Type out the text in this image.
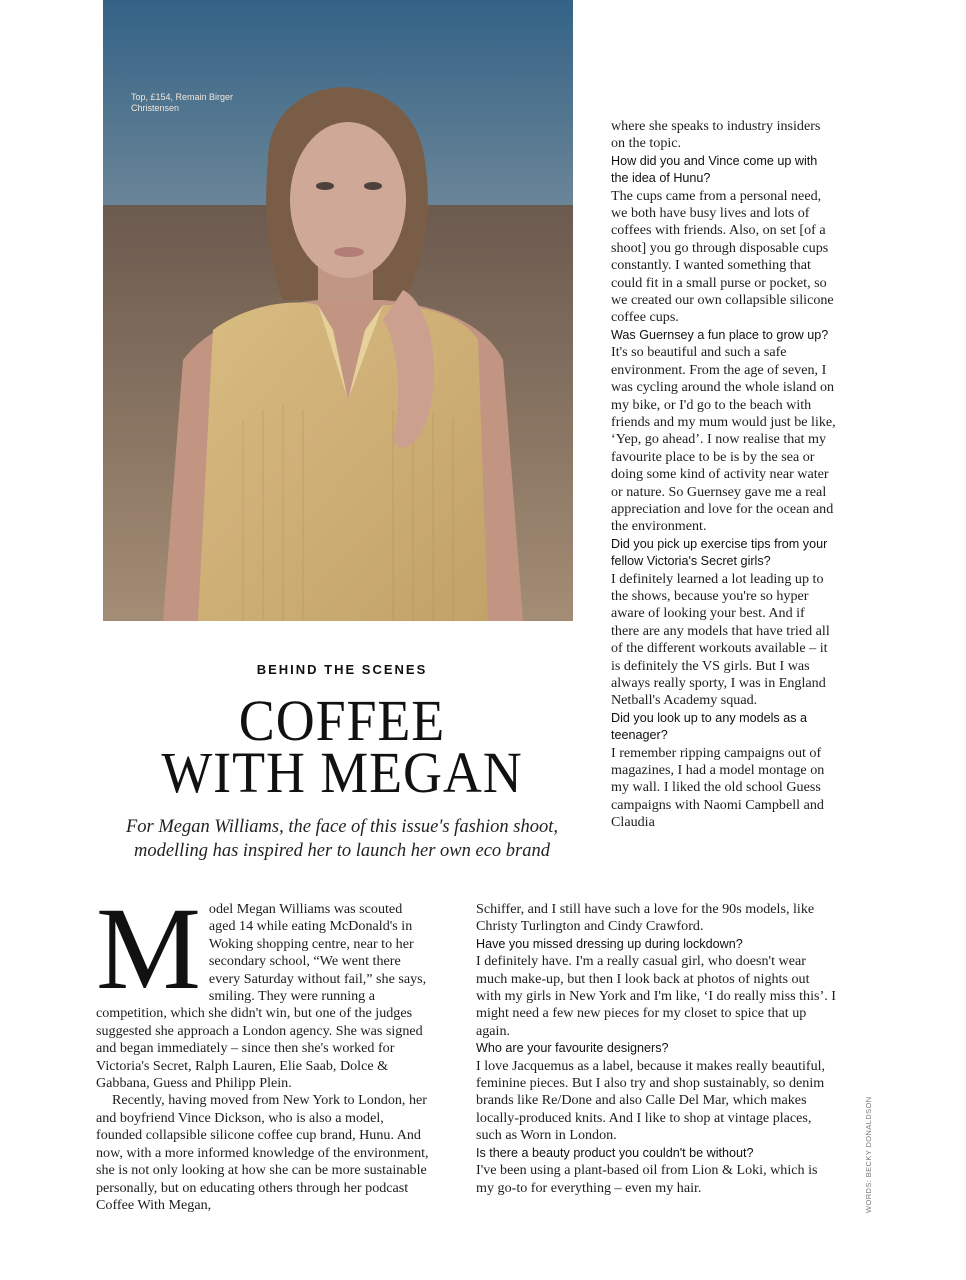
Top, £154, Remain Birger Christensen
BEHIND THE SCENES
COFFEE
WITH MEGAN
For Megan Williams, the face of this issue's fashion shoot, modelling has inspired her to launch her own eco brand

where she speaks to industry insiders on the topic.

How did you and Vince come up with the idea of Hunu?

The cups came from a personal need, we both have busy lives and lots of coffees with friends. Also, on set [of a shoot] you go through disposable cups constantly. I wanted something that could fit in a small purse or pocket, so we created our own collapsible silicone coffee cups.

Was Guernsey a fun place to grow up?

It's so beautiful and such a safe environment. From the age of seven, I was cycling around the whole island on my bike, or I'd go to the beach with friends and my mum would just be like, ‘Yep, go ahead’. I now realise that my favourite place to be is by the sea or doing some kind of activity near water or nature. So Guernsey gave me a real appreciation and love for the ocean and the environment.

Did you pick up exercise tips from your fellow Victoria's Secret girls?

I definitely learned a lot leading up to the shows, because you're so hyper aware of looking your best. And if there are any models that have tried all of the different workouts available – it is definitely the VS girls. But I was always really sporty, I was in England Netball's Academy squad.

Did you look up to any models as a teenager?

I remember ripping campaigns out of magazines, I had a model montage on my wall. I liked the old school Guess campaigns with Naomi Campbell and Claudia

M odel Megan Williams was scouted aged 14 while eating McDonald's in Woking shopping centre, near to her secondary school, “We went there every Saturday without fail,” she says, smiling. They were running a competition, which she didn't win, but one of the judges suggested she approach a London agency. She was signed and began immediately – since then she's worked for Victoria's Secret, Ralph Lauren, Elie Saab, Dolce & Gabbana, Guess and Philipp Plein.

Recently, having moved from New York to London, her and boyfriend Vince Dickson, who is also a model, founded collapsible silicone coffee cup brand, Hunu. And now, with a more informed knowledge of the environment, she is not only looking at how she can be more sustainable personally, but on educating others through her podcast Coffee With Megan,

Schiffer, and I still have such a love for the 90s models, like Christy Turlington and Cindy Crawford.

Have you missed dressing up during lockdown?

I definitely have. I'm a really casual girl, who doesn't wear much make-up, but then I look back at photos of nights out with my girls in New York and I'm like, ‘I do really miss this’. I might need a few new pieces for my closet to spice that up again.

Who are your favourite designers?

I love Jacquemus as a label, because it makes really beautiful, feminine pieces. But I also try and shop sustainably, so denim brands like Re/Done and also Calle Del Mar, which makes locally-produced knits. And I like to shop at vintage places, such as Worn in London.

Is there a beauty product you couldn't be without?

I've been using a plant-based oil from Lion & Loki, which is my go-to for everything – even my hair.	WORDS: BECKY DONALDSON
